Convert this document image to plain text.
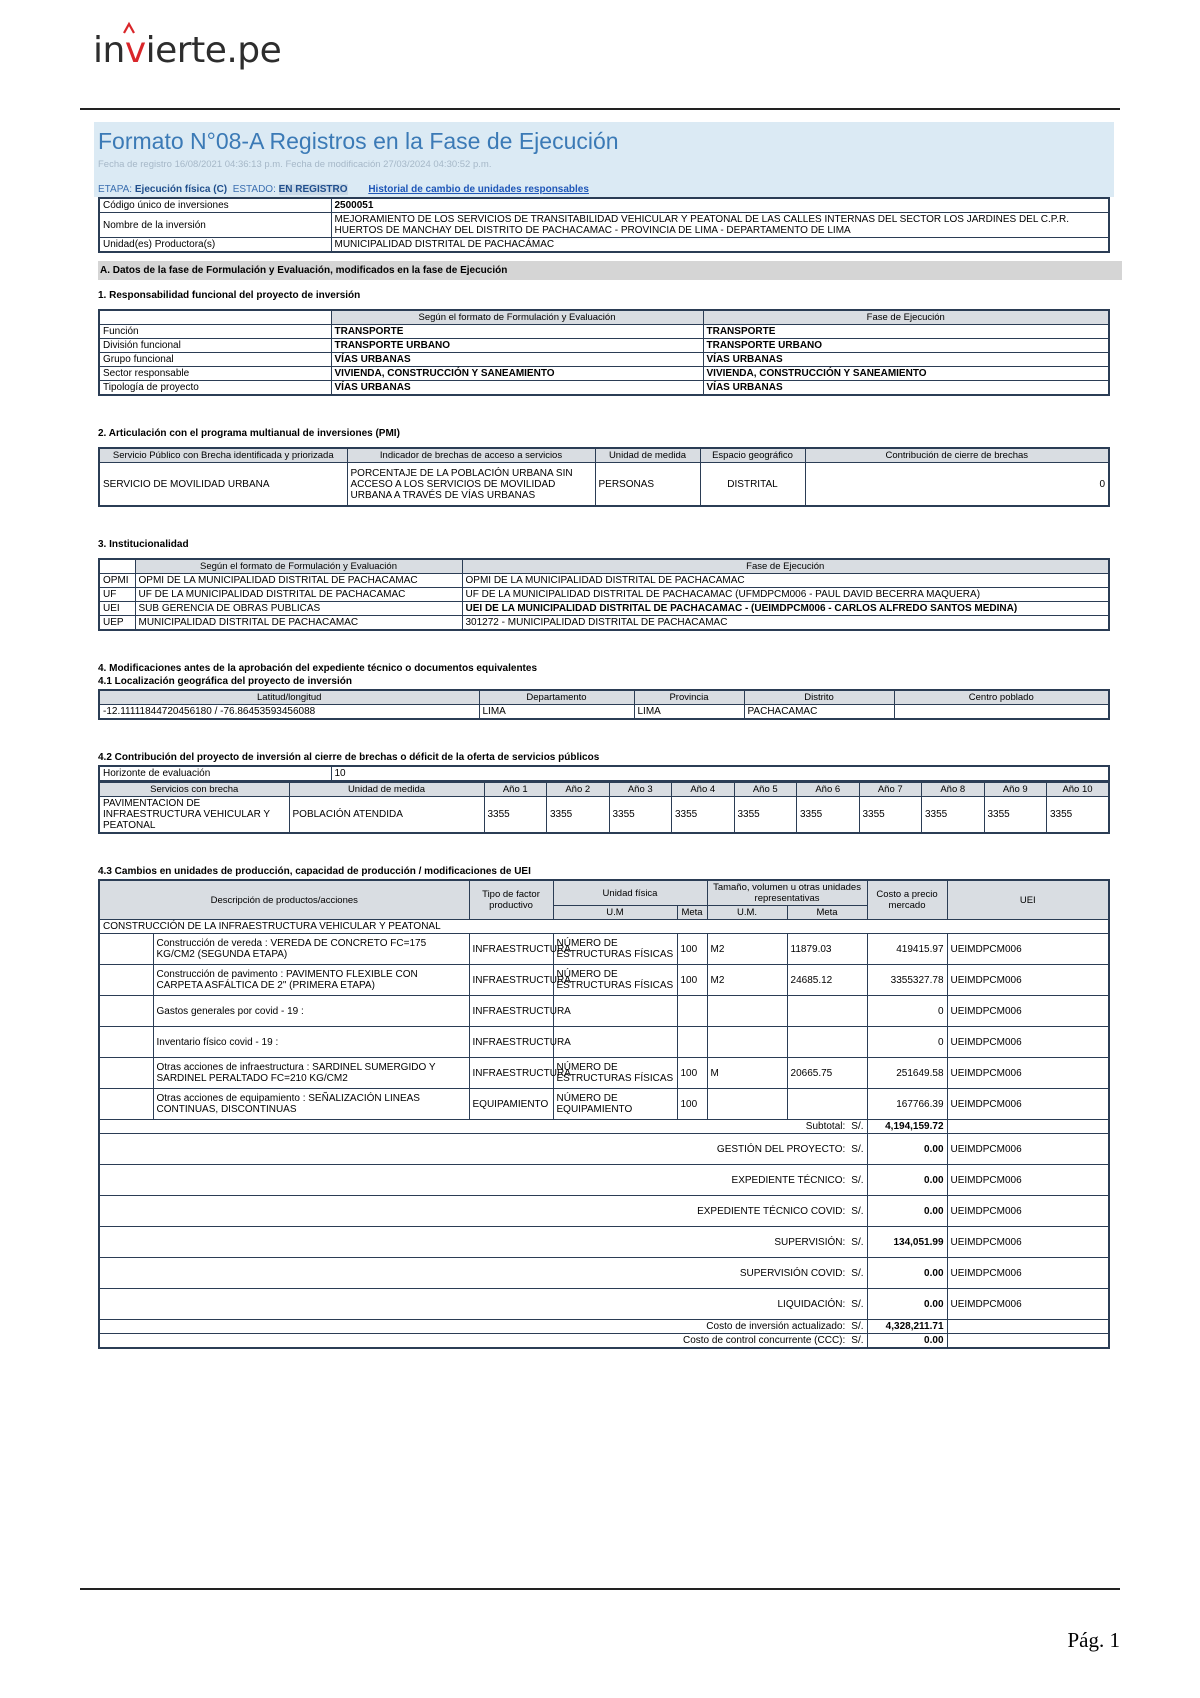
invierte.pe
Formato N°08-A Registros en la Fase de Ejecución
Fecha de registro 16/08/2021 04:36:13 p.m. Fecha de modificación 27/03/2024 04:30:52 p.m.
ETAPA: Ejecución física (C) ESTADO: EN REGISTRO Historial de cambio de unidades responsables
Código único de inversiones	2500051
Nombre de la inversión	MEJORAMIENTO DE LOS SERVICIOS DE TRANSITABILIDAD VEHICULAR Y PEATONAL DE LAS CALLES INTERNAS DEL SECTOR LOS JARDINES DEL C.P.R. HUERTOS DE MANCHAY DEL DISTRITO DE PACHACAMAC - PROVINCIA DE LIMA - DEPARTAMENTO DE LIMA
Unidad(es) Productora(s)	MUNICIPALIDAD DISTRITAL DE PACHACÁMAC
A. Datos de la fase de Formulación y Evaluación, modificados en la fase de Ejecución
1. Responsabilidad funcional del proyecto de inversión
	Según el formato de Formulación y Evaluación	Fase de Ejecución
Función	TRANSPORTE	TRANSPORTE
División funcional	TRANSPORTE URBANO	TRANSPORTE URBANO
Grupo funcional	VÍAS URBANAS	VÍAS URBANAS
Sector responsable	VIVIENDA, CONSTRUCCIÓN Y SANEAMIENTO	VIVIENDA, CONSTRUCCIÓN Y SANEAMIENTO
Tipología de proyecto	VÍAS URBANAS	VÍAS URBANAS
2. Articulación con el programa multianual de inversiones (PMI)
Servicio Público con Brecha identificada y priorizada	Indicador de brechas de acceso a servicios	Unidad de medida	Espacio geográfico	Contribución de cierre de brechas
SERVICIO DE MOVILIDAD URBANA	PORCENTAJE DE LA POBLACIÓN URBANA SIN ACCESO A LOS SERVICIOS DE MOVILIDAD URBANA A TRAVÉS DE VÍAS URBANAS	PERSONAS	DISTRITAL	0
3. Institucionalidad
	Según el formato de Formulación y Evaluación	Fase de Ejecución
OPMI	OPMI DE LA MUNICIPALIDAD DISTRITAL DE PACHACAMAC	OPMI DE LA MUNICIPALIDAD DISTRITAL DE PACHACAMAC
UF	UF DE LA MUNICIPALIDAD DISTRITAL DE PACHACAMAC	UF DE LA MUNICIPALIDAD DISTRITAL DE PACHACAMAC (UFMDPCM006 - PAUL DAVID BECERRA MAQUERA)
UEI	SUB GERENCIA DE OBRAS PUBLICAS	UEI DE LA MUNICIPALIDAD DISTRITAL DE PACHACAMAC - (UEIMDPCM006 - CARLOS ALFREDO SANTOS MEDINA)
UEP	MUNICIPALIDAD DISTRITAL DE PACHACAMAC	301272 - MUNICIPALIDAD DISTRITAL DE PACHACAMAC
4. Modificaciones antes de la aprobación del expediente técnico o documentos equivalentes
4.1 Localización geográfica del proyecto de inversión
Latitud/longitud	Departamento	Provincia	Distrito	Centro poblado
-12.11111844720456180 / -76.86453593456088	LIMA	LIMA	PACHACAMAC	
4.2 Contribución del proyecto de inversión al cierre de brechas o déficit de la oferta de servicios públicos
Horizonte de evaluación	10
Servicios con brecha	Unidad de medida	Año 1	Año 2	Año 3	Año 4	Año 5	Año 6	Año 7	Año 8	Año 9	Año 10
PAVIMENTACION DE INFRAESTRUCTURA VEHICULAR Y PEATONAL	POBLACIÓN ATENDIDA	3355	3355	3355	3355	3355	3355	3355	3355	3355	3355
4.3 Cambios en unidades de producción, capacidad de producción / modificaciones de UEI
Descripción de productos/acciones		Tipo de factor productivo	Unidad física		Tamaño, volumen u otras unidades representativas		Costo a precio mercado	UEI
			U.M	Meta	U.M.	Meta		
CONSTRUCCIÓN DE LA INFRAESTRUCTURA VEHICULAR Y PEATONAL								
	Construcción de vereda : VEREDA DE CONCRETO FC=175 KG/CM2 (SEGUNDA ETAPA)	INFRAESTRUCTURA	NÚMERO DE ESTRUCTURAS FÍSICAS	100	M2	11879.03	419415.97	UEIMDPCM006
	Construcción de pavimento : PAVIMENTO FLEXIBLE CON CARPETA ASFÁLTICA DE 2" (PRIMERA ETAPA)	INFRAESTRUCTURA	NÚMERO DE ESTRUCTURAS FÍSICAS	100	M2	24685.12	3355327.78	UEIMDPCM006
	Gastos generales por covid - 19 :	INFRAESTRUCTURA					0	UEIMDPCM006
	Inventario físico covid - 19 :	INFRAESTRUCTURA					0	UEIMDPCM006
	Otras acciones de infraestructura : SARDINEL SUMERGIDO Y SARDINEL PERALTADO FC=210 KG/CM2	INFRAESTRUCTURA	NÚMERO DE ESTRUCTURAS FÍSICAS	100	M	20665.75	251649.58	UEIMDPCM006
	Otras acciones de equipamiento : SEÑALIZACIÓN LINEAS CONTINUAS, DISCONTINUAS	EQUIPAMIENTO	NÚMERO DE EQUIPAMIENTO	100			167766.39	UEIMDPCM006
Subtotal: S/.							4,194,159.72	
GESTIÓN DEL PROYECTO: S/.							0.00	UEIMDPCM006
EXPEDIENTE TÉCNICO: S/.							0.00	UEIMDPCM006
EXPEDIENTE TÉCNICO COVID: S/.							0.00	UEIMDPCM006
SUPERVISIÓN: S/.							134,051.99	UEIMDPCM006
SUPERVISIÓN COVID: S/.							0.00	UEIMDPCM006
LIQUIDACIÓN: S/.							0.00	UEIMDPCM006
Costo de inversión actualizado: S/.							4,328,211.71	
Costo de control concurrente (CCC): S/.							0.00	
Pág. 1
